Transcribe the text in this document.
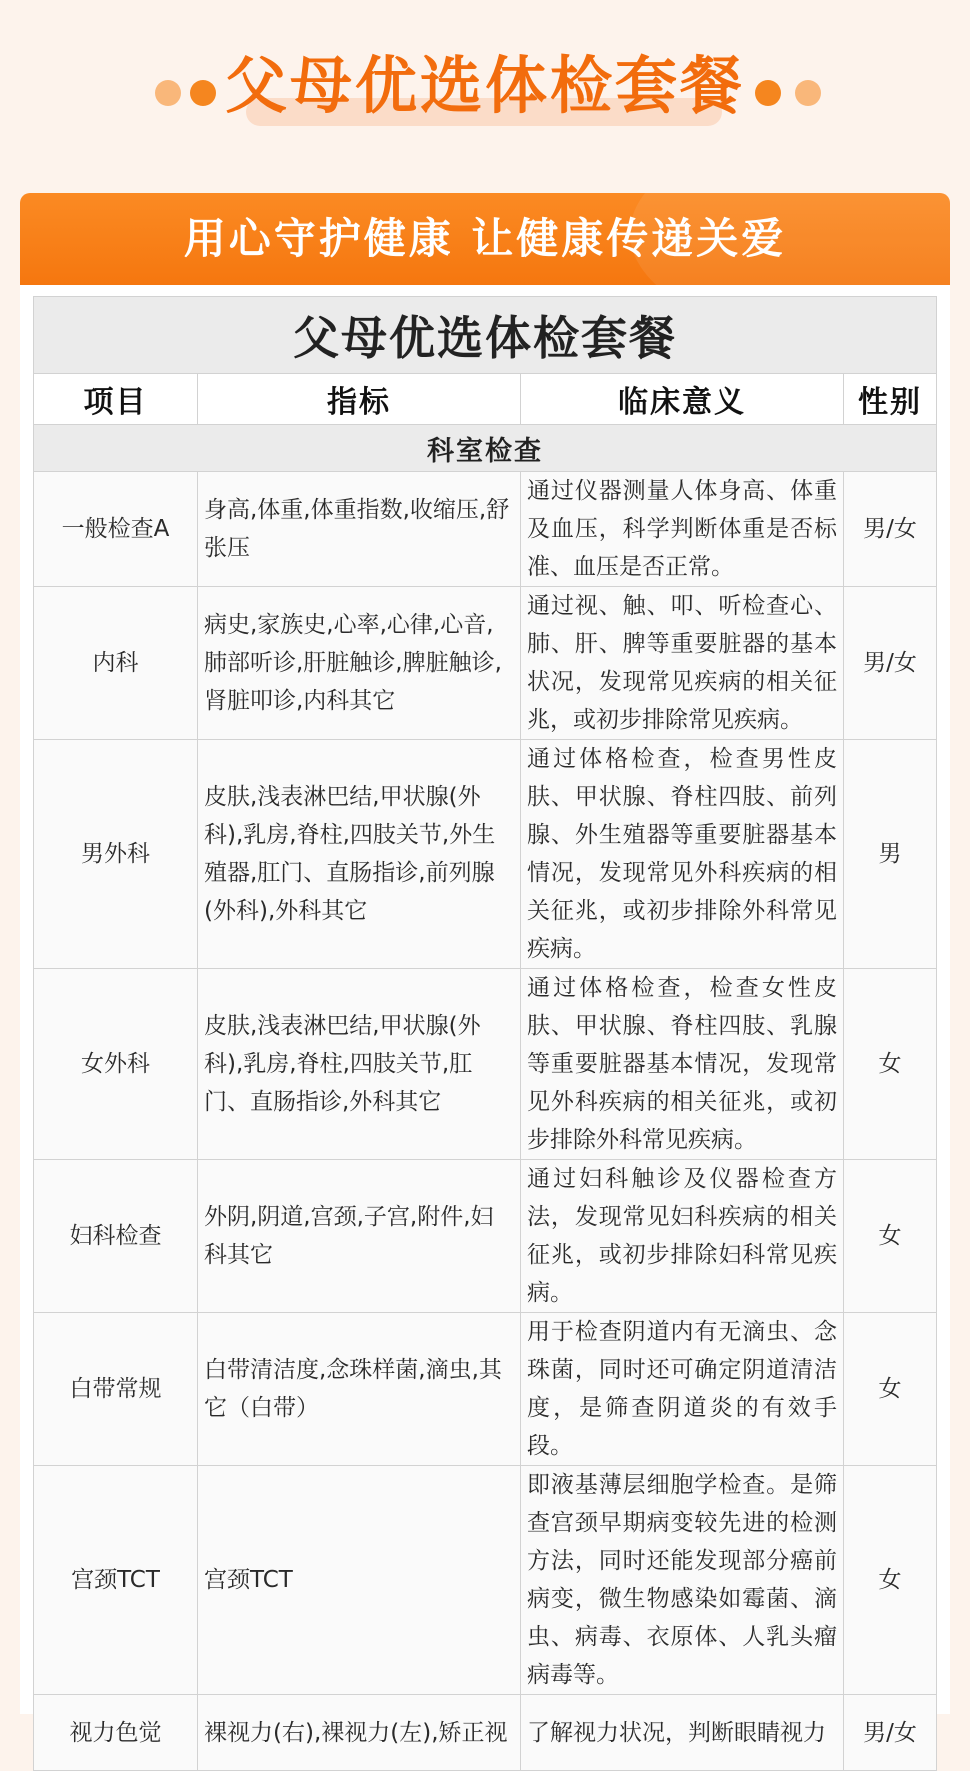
父母优选体检套餐
用心守护健康 让健康传递关爱
父母优选体检套餐			
项目	指标	临床意义	性别
科室检查			
一般检查A	身高,体重,体重指数,收缩压,舒张压	通过仪器测量人体身高、体重及血压，科学判断体重是否标准、血压是否正常。	男/女
内科	病史,家族史,心率,心律,心音,肺部听诊,肝脏触诊,脾脏触诊,肾脏叩诊,内科其它	通过视、触、叩、听检查心、肺、肝、脾等重要脏器的基本状况，发现常见疾病的相关征兆，或初步排除常见疾病。	男/女
男外科	皮肤,浅表淋巴结,甲状腺(外科),乳房,脊柱,四肢关节,外生殖器,肛门、直肠指诊,前列腺(外科),外科其它	通过体格检查，检查男性皮肤、甲状腺、脊柱四肢、前列腺、外生殖器等重要脏器基本情况，发现常见外科疾病的相关征兆，或初步排除外科常见疾病。	男
女外科	皮肤,浅表淋巴结,甲状腺(外科),乳房,脊柱,四肢关节,肛门、直肠指诊,外科其它	通过体格检查，检查女性皮肤、甲状腺、脊柱四肢、乳腺等重要脏器基本情况，发现常见外科疾病的相关征兆，或初步排除外科常见疾病。	女
妇科检查	外阴,阴道,宫颈,子宫,附件,妇科其它	通过妇科触诊及仪器检查方法，发现常见妇科疾病的相关征兆，或初步排除妇科常见疾病。	女
白带常规	白带清洁度,念珠样菌,滴虫,其它（白带）	用于检查阴道内有无滴虫、念珠菌，同时还可确定阴道清洁度，是筛查阴道炎的有效手段。	女
宫颈TCT	宫颈TCT	即液基薄层细胞学检查。是筛查宫颈早期病变较先进的检测方法，同时还能发现部分癌前病变，微生物感染如霉菌、滴虫、病毒、衣原体、人乳头瘤病毒等。	女
视力色觉	裸视力(右),裸视力(左),矫正视	了解视力状况，判断眼睛视力	男/女
